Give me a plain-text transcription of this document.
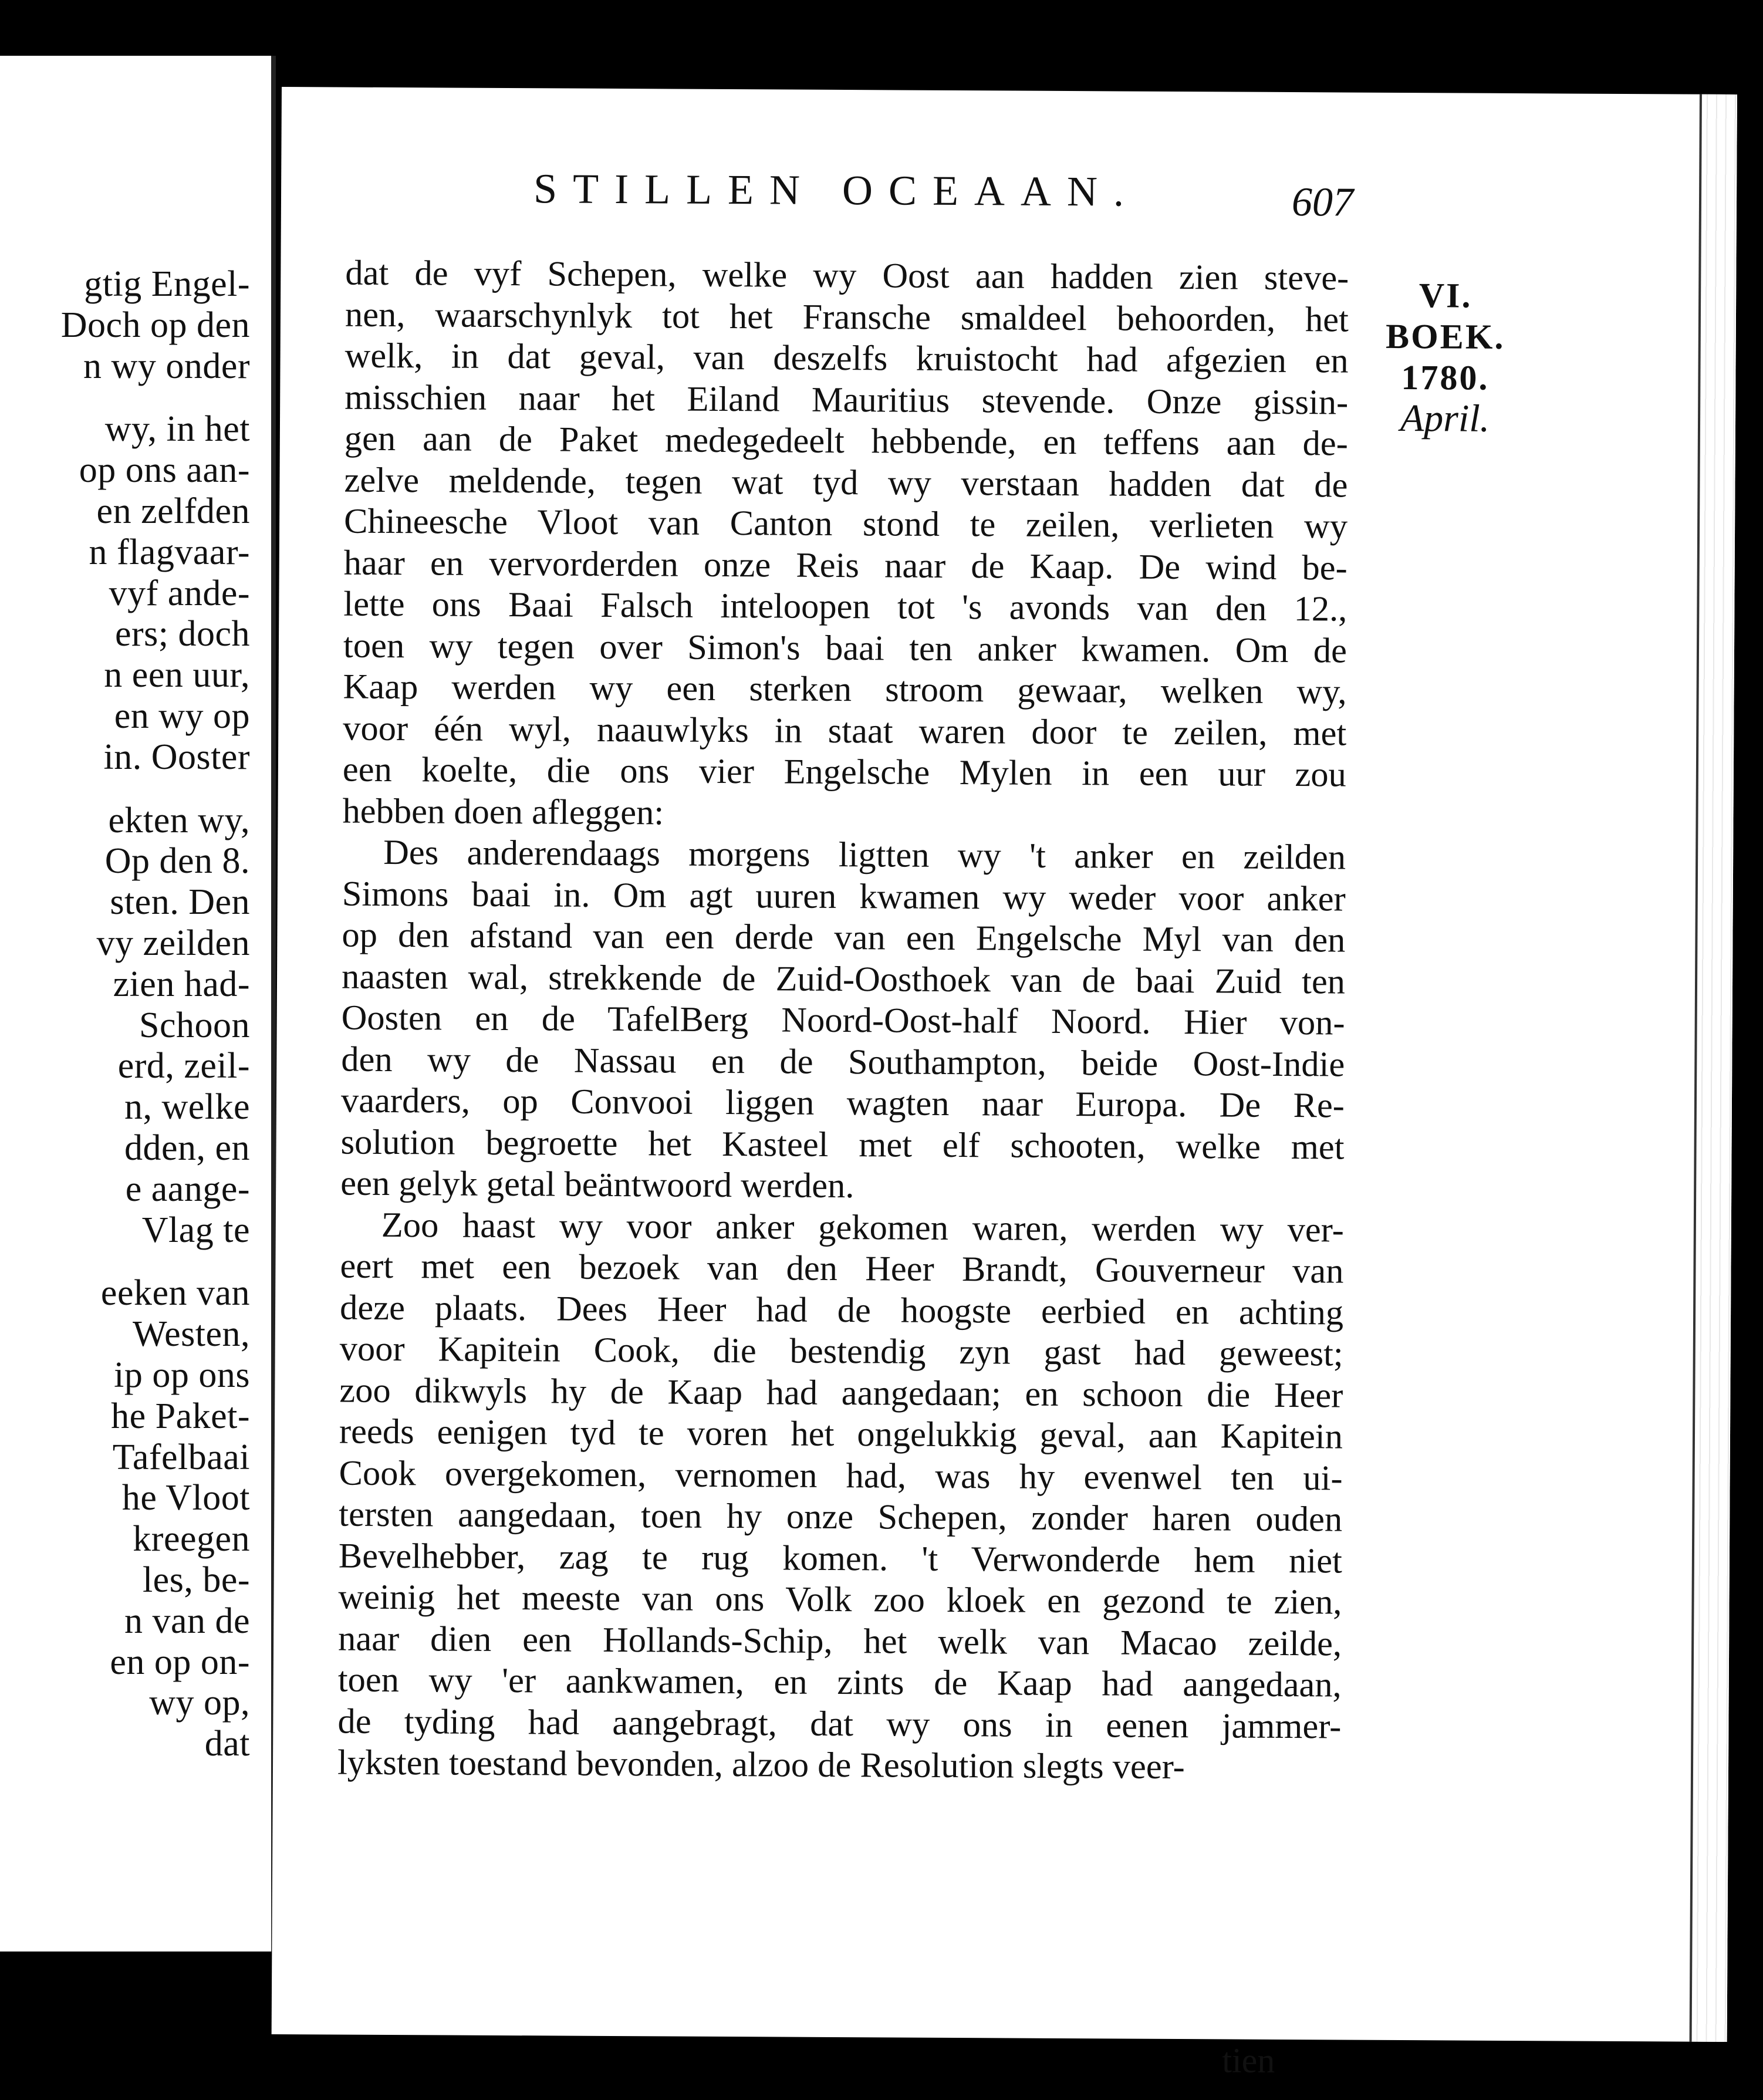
gtig Engel-
Doch op den
n wy onder
wy, in het
op ons aan-
en zelfden
n flagvaar-
vyf ande-
ers; doch
n een uur,
en wy op
in. Ooster
ekten wy,
Op den 8.
sten. Den
vy zeilden
zien had-
Schoon
erd, zeil-
n, welke
dden, en
e aange-
Vlag te
eeken van
Westen,
ip op ons
he Paket-
Tafelbaai
he Vloot
kreegen
les, be-
n van de
en op on-
wy op,
dat
STILLEN OCEAAN.	607
VI.
BOEK.
1780.
April.
dat de vyf Schepen, welke wy Oost aan hadden zien steve-
nen, waarschynlyk tot het Fransche smaldeel behoorden, het
welk, in dat geval, van deszelfs kruistocht had afgezien en
misschien naar het Eiland Mauritius stevende. Onze gissin-
gen aan de Paket medegedeelt hebbende, en teffens aan de-
zelve meldende, tegen wat tyd wy verstaan hadden dat de
Chineesche Vloot van Canton stond te zeilen, verlieten wy
haar en vervorderden onze Reis naar de Kaap. De wind be-
lette ons Baai Falsch inteloopen tot 's avonds van den 12.,
toen wy tegen over Simon's baai ten anker kwamen. Om de
Kaap werden wy een sterken stroom gewaar, welken wy,
voor één wyl, naauwlyks in staat waren door te zeilen, met
een koelte, die ons vier Engelsche Mylen in een uur zou
hebben doen afleggen:
Des anderendaags morgens ligtten wy 't anker en zeilden
Simons baai in. Om agt uuren kwamen wy weder voor anker
op den afstand van een derde van een Engelsche Myl van den
naasten wal, strekkende de Zuid-Oosthoek van de baai Zuid ten
Oosten en de TafelBerg Noord-Oost-half Noord. Hier von-
den wy de Nassau en de Southampton, beide Oost-Indie
vaarders, op Convooi liggen wagten naar Europa. De Re-
solution begroette het Kasteel met elf schooten, welke met
een gelyk getal beäntwoord werden.
Zoo haast wy voor anker gekomen waren, werden wy ver-
eert met een bezoek van den Heer Brandt, Gouverneur van
deze plaats. Dees Heer had de hoogste eerbied en achting
voor Kapitein Cook, die bestendig zyn gast had geweest;
zoo dikwyls hy de Kaap had aangedaan; en schoon die Heer
reeds eenigen tyd te voren het ongelukkig geval, aan Kapitein
Cook overgekomen, vernomen had, was hy evenwel ten ui-
tersten aangedaan, toen hy onze Schepen, zonder haren ouden
Bevelhebber, zag te rug komen. 't Verwonderde hem niet
weinig het meeste van ons Volk zoo kloek en gezond te zien,
naar dien een Hollands-Schip, het welk van Macao zeilde,
toen wy 'er aankwamen, en zints de Kaap had aangedaan,
de tyding had aangebragt, dat wy ons in eenen jammer-
lyksten toestand bevonden, alzoo de Resolution slegts veer-
tien
